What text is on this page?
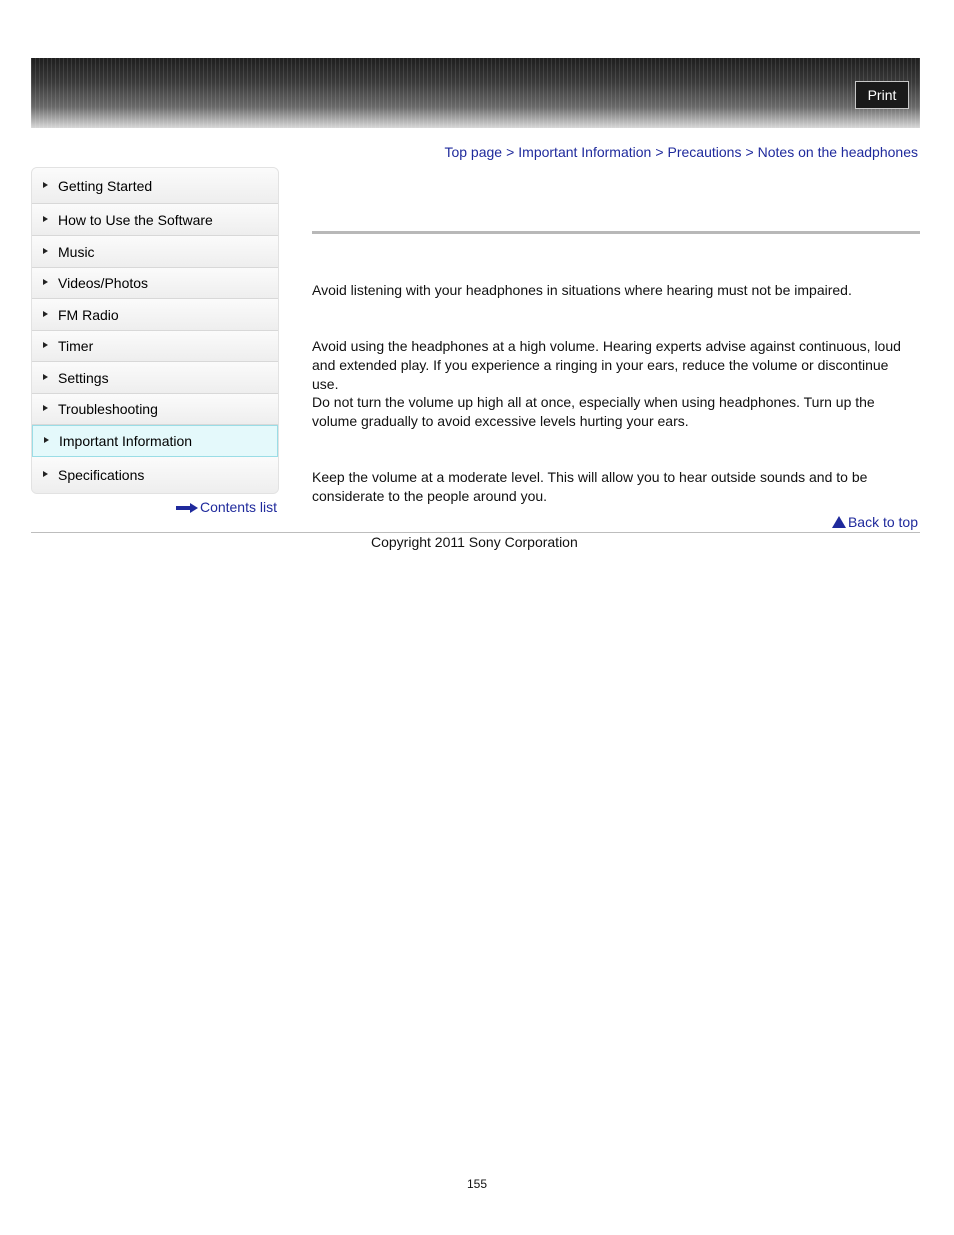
Print
Top page > Important Information > Precautions > Notes on the headphones
Getting Started
How to Use the Software
Music
Videos/Photos
FM Radio
Timer
Settings
Troubleshooting
Important Information
Specifications
Contents list
Avoid listening with your headphones in situations where hearing must not be impaired.
Avoid using the headphones at a high volume. Hearing experts advise against continuous, loud and extended play. If you experience a ringing in your ears, reduce the volume or discontinue use.
Do not turn the volume up high all at once, especially when using headphones. Turn up the volume gradually to avoid excessive levels hurting your ears.
Keep the volume at a moderate level. This will allow you to hear outside sounds and to be considerate to the people around you.
Back to top
Copyright 2011 Sony Corporation
155
